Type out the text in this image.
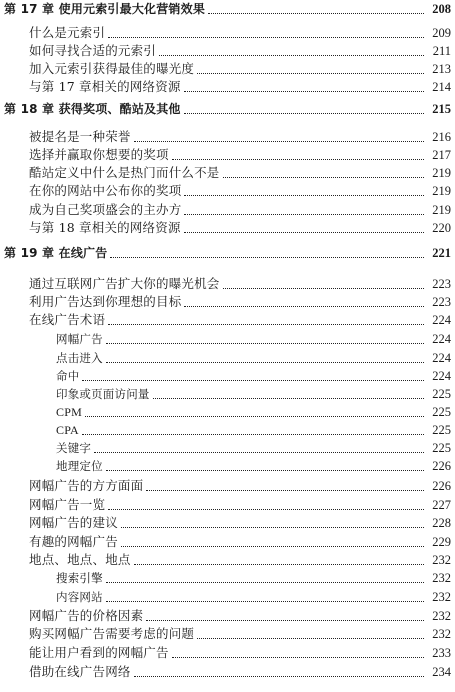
第 17 章 使用元索引最大化营销效果	208
什么是元索引	209
如何寻找合适的元索引	211
加入元索引获得最佳的曝光度	213
与第 17 章相关的网络资源	214
第 18 章 获得奖项、酷站及其他	215
被提名是一种荣誉	216
选择并赢取你想要的奖项	217
酷站定义中什么是热门而什么不是	219
在你的网站中公布你的奖项	219
成为自己奖项盛会的主办方	219
与第 18 章相关的网络资源	220
第 19 章 在线广告	221
通过互联网广告扩大你的曝光机会	223
利用广告达到你理想的目标	223
在线广告术语	224
网幅广告	224
点击进入	224
命中	224
印象或页面访问量	225
CPM	225
CPA	225
关键字	225
地理定位	226
网幅广告的方方面面	226
网幅广告一览	227
网幅广告的建议	228
有趣的网幅广告	229
地点、地点、地点	232
搜索引擎	232
内容网站	232
网幅广告的价格因素	232
购买网幅广告需要考虑的问题	232
能让用户看到的网幅广告	233
借助在线广告网络	234
